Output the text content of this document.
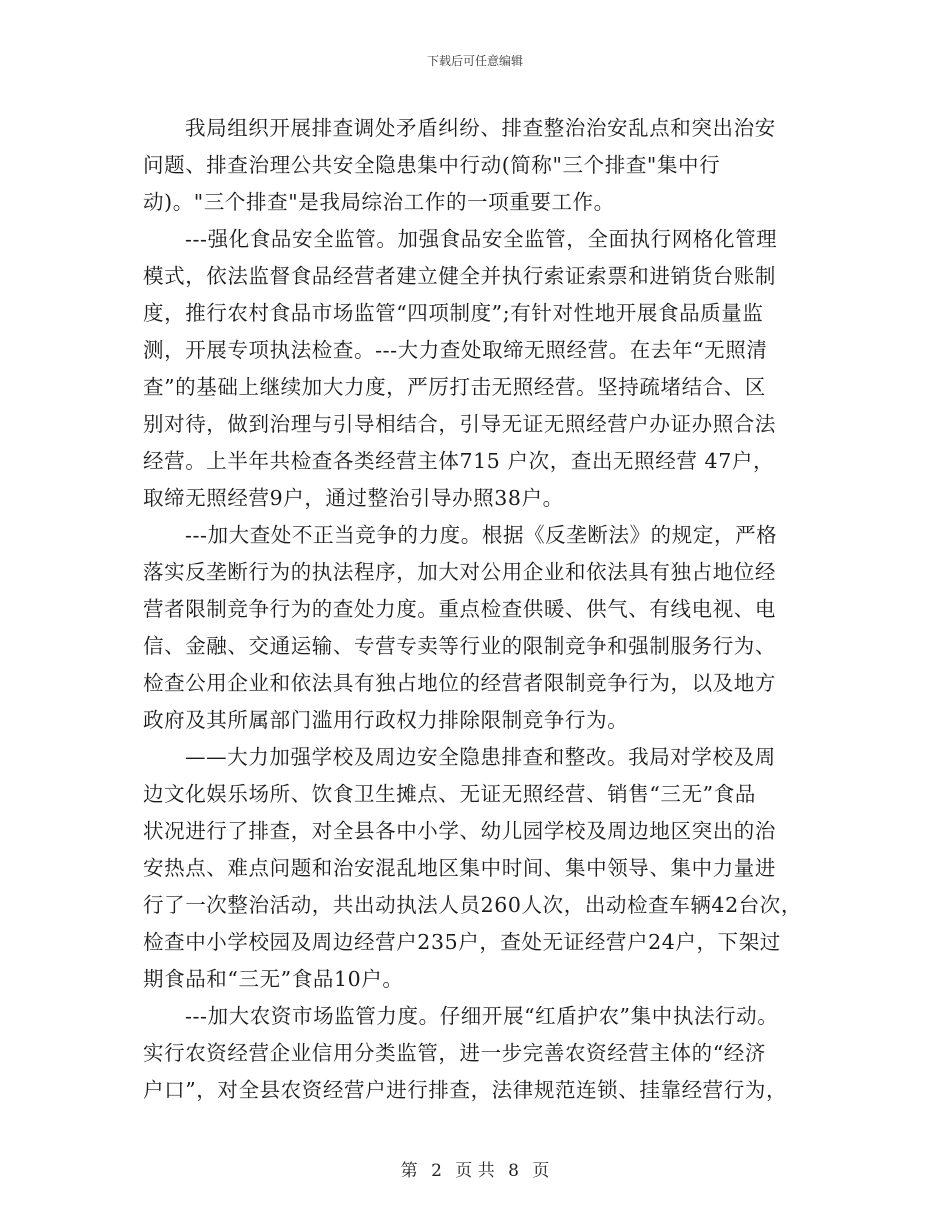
下载后可任意编辑
我局组织开展排查调处矛盾纠纷、排查整治治安乱点和突出治安
问题、排查治理公共安全隐患集中行动(简称"三个排查"集中行
动)。"三个排查"是我局综治工作的一项重要工作。
---强化食品安全监管。加强食品安全监管，全面执行网格化管理
模式，依法监督食品经营者建立健全并执行索证索票和进销货台账制
度，推行农村食品市场监管“四项制度”;有针对性地开展食品质量监
测，开展专项执法检查。---大力查处取缔无照经营。在去年“无照清
查”的基础上继续加大力度，严厉打击无照经营。坚持疏堵结合、区
别对待，做到治理与引导相结合，引导无证无照经营户办证办照合法
经营。上半年共检查各类经营主体715 户次，查出无照经营 47户，
取缔无照经营9户，通过整治引导办照38户。
---加大查处不正当竞争的力度。根据《反垄断法》的规定，严格
落实反垄断行为的执法程序，加大对公用企业和依法具有独占地位经
营者限制竞争行为的查处力度。重点检查供暖、供气、有线电视、电
信、金融、交通运输、专营专卖等行业的限制竞争和强制服务行为、
检查公用企业和依法具有独占地位的经营者限制竞争行为，以及地方
政府及其所属部门滥用行政权力排除限制竞争行为。
——大力加强学校及周边安全隐患排查和整改。我局对学校及周
边文化娱乐场所、饮食卫生摊点、无证无照经营、销售“三无”食品
状况进行了排查，对全县各中小学、幼儿园学校及周边地区突出的治
安热点、难点问题和治安混乱地区集中时间、集中领导、集中力量进
行了一次整治活动，共出动执法人员260人次，出动检查车辆42台次，
检查中小学校园及周边经营户235户，查处无证经营户24户，下架过
期食品和“三无”食品10户。
---加大农资市场监管力度。仔细开展“红盾护农”集中执法行动。
实行农资经营企业信用分类监管，进一步完善农资经营主体的“经济
户口”，对全县农资经营户进行排查，法律规范连锁、挂靠经营行为，
第 2 页 共 8 页
